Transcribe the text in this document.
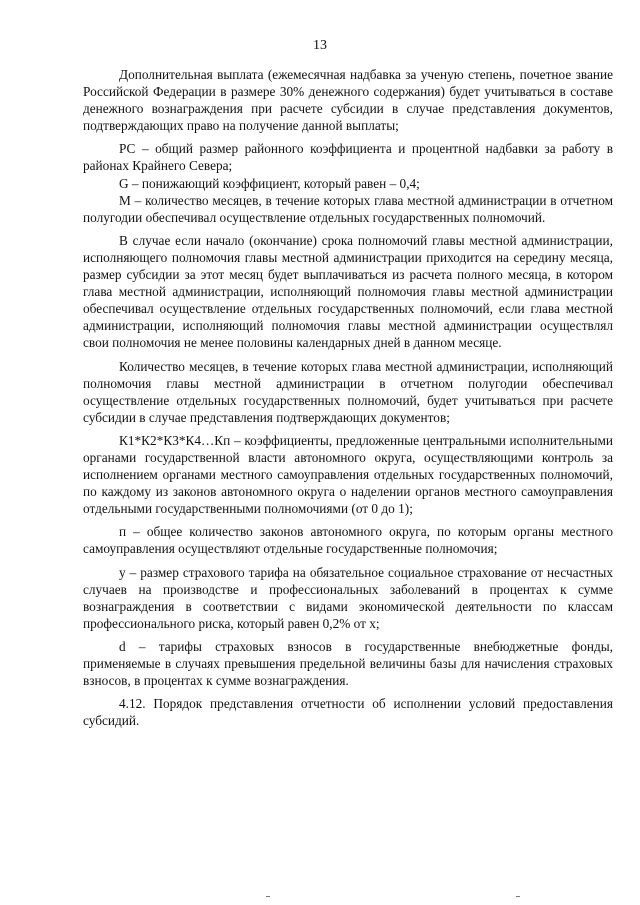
13

Дополнительная выплата (ежемесячная надбавка за ученую степень, почетное звание Российской Федерации в размере 30% денежного содержания) будет учитываться в составе денежного вознаграждения при расчете субсидии в случае представления документов, подтверждающих право на получение данной выплаты;

РС – общий размер районного коэффициента и процентной надбавки за работу в районах Крайнего Севера;

G – понижающий коэффициент, который равен – 0,4;

М – количество месяцев, в течение которых глава местной администрации в отчетном полугодии обеспечивал осуществление отдельных государственных полномочий.

В случае если начало (окончание) срока полномочий главы местной администрации, исполняющего полномочия главы местной администрации приходится на середину месяца, размер субсидии за этот месяц будет выплачиваться из расчета полного месяца, в котором глава местной администрации, исполняющий полномочия главы местной администрации обеспечивал осуществление отдельных государственных полномочий, если глава местной администрации, исполняющий полномочия главы местной администрации осуществлял свои полномочия не менее половины календарных дней в данном месяце.

Количество месяцев, в течение которых глава местной администрации, исполняющий полномочия главы местной администрации в отчетном полугодии обеспечивал осуществление отдельных государственных полномочий, будет учитываться при расчете субсидии в случае представления подтверждающих документов;

К1*К2*К3*К4…Кп – коэффициенты, предложенные центральными исполнительными органами государственной власти автономного округа, осуществляющими контроль за исполнением органами местного самоуправления отдельных государственных полномочий, по каждому из законов автономного округа о наделении органов местного самоуправления отдельными государственными полномочиями (от 0 до 1);

п – общее количество законов автономного округа, по которым органы местного самоуправления осуществляют отдельные государственные полномочия;

у – размер страхового тарифа на обязательное социальное страхование от несчастных случаев на производстве и профессиональных заболеваний в процентах к сумме вознаграждения в соответствии с видами экономической деятельности по классам профессионального риска, который равен 0,2% от х;

d – тарифы страховых взносов в государственные внебюджетные фонды, применяемые в случаях превышения предельной величины базы для начисления страховых взносов, в процентах к сумме вознаграждения.

4.12. Порядок представления отчетности об исполнении условий предоставления субсидий.
